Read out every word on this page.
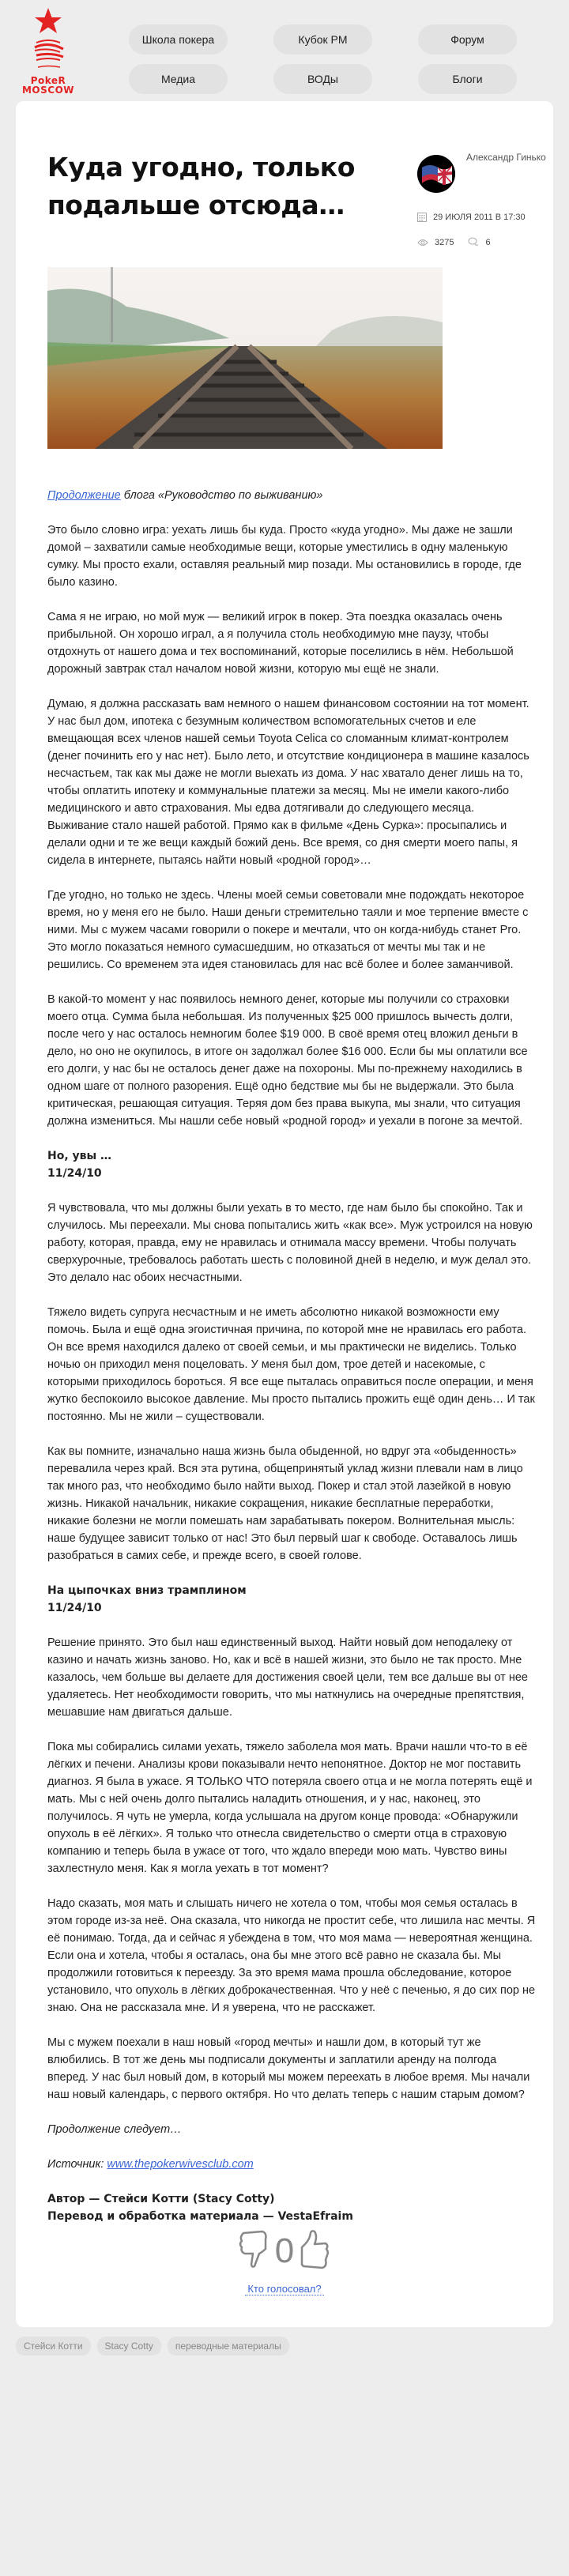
PokeR
MOSCOW
Школа покера	Кубок PM	Форум
Медиа	ВОДы	Блоги
Куда угодно, только подальше отсюда…
Александр Гинько
29 ИЮЛЯ 2011 В 17:30
3275	6

Продолжение блога «Руководство по выживанию»

Это было словно игра: уехать лишь бы куда. Просто «куда угодно». Мы даже не зашли домой – захватили самые необходимые вещи, которые уместились в одну маленькую сумку. Мы просто ехали, оставляя реальный мир позади. Мы остановились в городе, где было казино.

Сама я не играю, но мой муж — великий игрок в покер. Эта поездка оказалась очень прибыльной. Он хорошо играл, а я получила столь необходимую мне паузу, чтобы отдохнуть от нашего дома и тех воспоминаний, которые поселились в нём. Небольшой дорожный завтрак стал началом новой жизни, которую мы ещё не знали.

Думаю, я должна рассказать вам немного о нашем финансовом состоянии на тот момент. У нас был дом, ипотека с безумным количеством вспомогательных счетов и еле вмещающая всех членов нашей семьи Toyota Celica со сломанным климат-контролем (денег починить его у нас нет). Было лето, и отсутствие кондиционера в машине казалось несчастьем, так как мы даже не могли выехать из дома. У нас хватало денег лишь на то, чтобы оплатить ипотеку и коммунальные платежи за месяц. Мы не имели какого-либо медицинского и авто страхования. Мы едва дотягивали до следующего месяца. Выживание стало нашей работой. Прямо как в фильме «День Сурка»: просыпались и делали одни и те же вещи каждый божий день. Все время, со дня смерти моего папы, я сидела в интернете, пытаясь найти новый «родной город»…

Где угодно, но только не здесь. Члены моей семьи советовали мне подождать некоторое время, но у меня его не было. Наши деньги стремительно таяли и мое терпение вместе с ними. Мы с мужем часами говорили о покере и мечтали, что он когда-нибудь станет Pro. Это могло показаться немного сумасшедшим, но отказаться от мечты мы так и не решились. Со временем эта идея становилась для нас всё более и более заманчивой.

В какой-то момент у нас появилось немного денег, которые мы получили со страховки моего отца. Сумма была небольшая. Из полученных $25 000 пришлось вычесть долги, после чего у нас осталось немногим более $19 000. В своё время отец вложил деньги в дело, но оно не окупилось, в итоге он задолжал более $16 000. Если бы мы оплатили все его долги, у нас бы не осталось денег даже на похороны. Мы по-прежнему находились в одном шаге от полного разорения. Ещё одно бедствие мы бы не выдержали. Это была критическая, решающая ситуация. Теряя дом без права выкупа, мы знали, что ситуация должна измениться. Мы нашли себе новый «родной город» и уехали в погоне за мечтой.

Но, увы …
11/24/10

Я чувствовала, что мы должны были уехать в то место, где нам было бы спокойно. Так и случилось. Мы переехали. Мы снова попытались жить «как все». Муж устроился на новую работу, которая, правда, ему не нравилась и отнимала массу времени. Чтобы получать сверхурочные, требовалось работать шесть с половиной дней в неделю, и муж делал это. Это делало нас обоих несчастными.

Тяжело видеть супруга несчастным и не иметь абсолютно никакой возможности ему помочь. Была и ещё одна эгоистичная причина, по которой мне не нравилась его работа. Он все время находился далеко от своей семьи, и мы практически не виделись. Только ночью он приходил меня поцеловать. У меня был дом, трое детей и насекомые, с которыми приходилось бороться. Я все еще пыталась оправиться после операции, и меня жутко беспокоило высокое давление. Мы просто пытались прожить ещё один день… И так постоянно. Мы не жили – существовали.

Как вы помните, изначально наша жизнь была обыденной, но вдруг эта «обыденность» перевалила через край. Вся эта рутина, общепринятый уклад жизни плевали нам в лицо так много раз, что необходимо было найти выход. Покер и стал этой лазейкой в новую жизнь. Никакой начальник, никакие сокращения, никакие бесплатные переработки, никакие болезни не могли помешать нам зарабатывать покером. Волнительная мысль: наше будущее зависит только от нас! Это был первый шаг к свободе. Оставалось лишь разобраться в самих себе, и прежде всего, в своей голове.

На цыпочках вниз трамплином
11/24/10

Решение принято. Это был наш единственный выход. Найти новый дом неподалеку от казино и начать жизнь заново. Но, как и всё в нашей жизни, это было не так просто. Мне казалось, чем больше вы делаете для достижения своей цели, тем все дальше вы от нее удаляетесь. Нет необходимости говорить, что мы наткнулись на очередные препятствия, мешавшие нам двигаться дальше.

Пока мы собирались силами уехать, тяжело заболела моя мать. Врачи нашли что-то в её лёгких и печени. Анализы крови показывали нечто непонятное. Доктор не мог поставить диагноз. Я была в ужасе. Я ТОЛЬКО ЧТО потеряла своего отца и не могла потерять ещё и мать. Мы с ней очень долго пытались наладить отношения, и у нас, наконец, это получилось. Я чуть не умерла, когда услышала на другом конце провода: «Обнаружили опухоль в её лёгких». Я только что отнесла свидетельство о смерти отца в страховую компанию и теперь была в ужасе от того, что ждало впереди мою мать. Чувство вины захлестнуло меня. Как я могла уехать в тот момент?

Надо сказать, моя мать и слышать ничего не хотела о том, чтобы моя семья осталась в этом городе из-за неё. Она сказала, что никогда не простит себе, что лишила нас мечты. Я её понимаю. Тогда, да и сейчас я убеждена в том, что моя мама — невероятная женщина. Если она и хотела, чтобы я осталась, она бы мне этого всё равно не сказала бы. Мы продолжили готовиться к переезду. За это время мама прошла обследование, которое установило, что опухоль в лёгких доброкачественная. Что у неё с печенью, я до сих пор не знаю. Она не рассказала мне. И я уверена, что не расскажет.

Мы с мужем поехали в наш новый «город мечты» и нашли дом, в который тут же влюбились. В тот же день мы подписали документы и заплатили аренду на полгода вперед. У нас был новый дом, в который мы можем переехать в любое время. Мы начали наш новый календарь, с первого октября. Но что делать теперь с нашим старым домом?

Продолжение следует…

Источник: www.thepokerwivesclub.com

Автор — Стейси Котти (Stacy Cotty)
Перевод и обработка материала — VestaEfraim

0
Кто голосовал?
Стейси Котти	Stacy Cotty	переводные материалы
